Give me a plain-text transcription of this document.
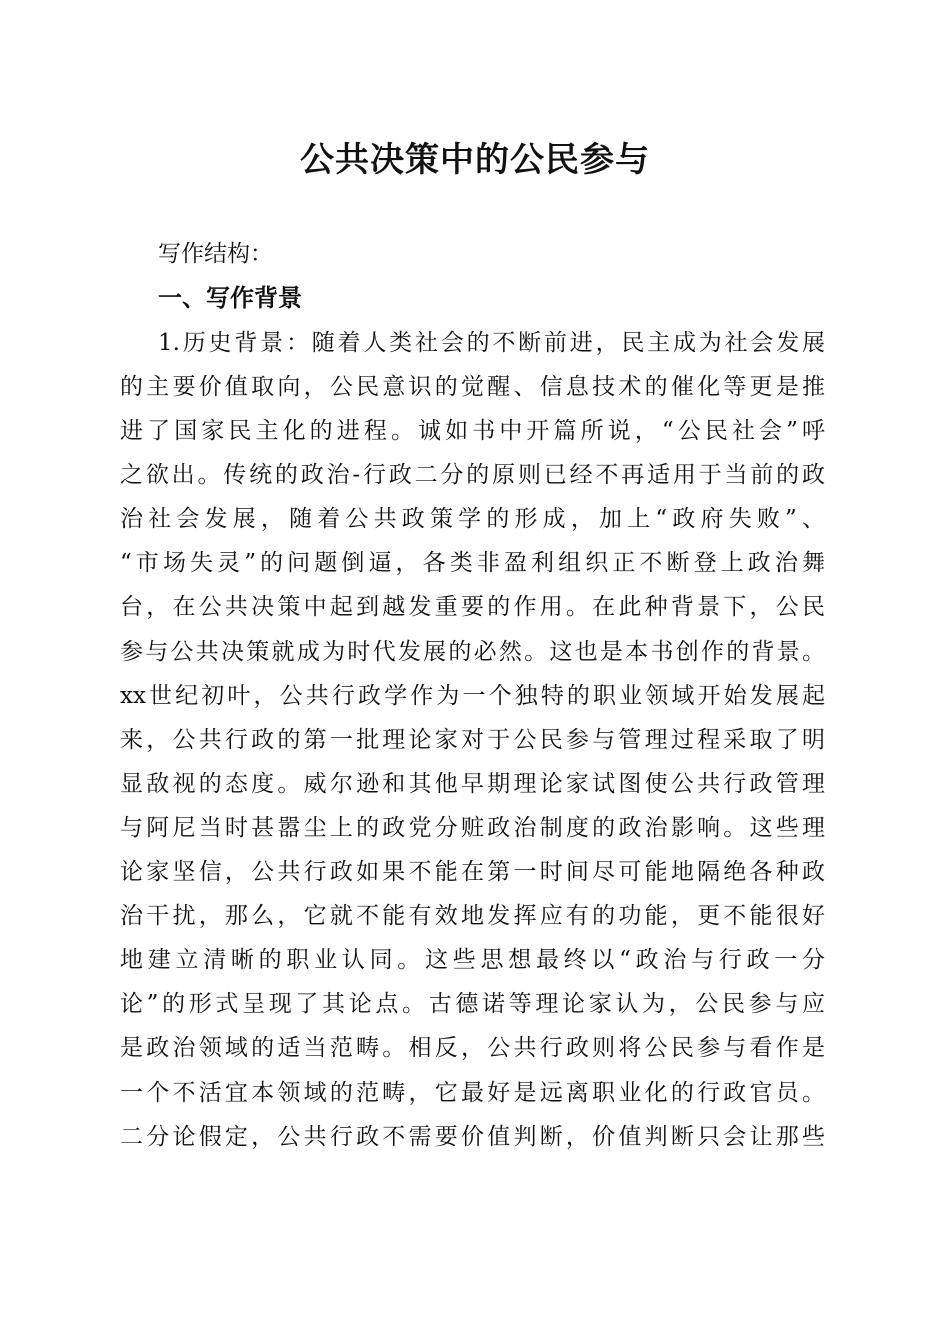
公共决策中的公民参与
写作结构：
一、写作背景
1.历史背景：随着人类社会的不断前进，民主成为社会发展
的主要价值取向，公民意识的觉醒、信息技术的催化等更是推
进了国家民主化的进程。诚如书中开篇所说，“公民社会”呼
之欲出。传统的政治-行政二分的原则已经不再适用于当前的政
治社会发展，随着公共政策学的形成，加上“政府失败”、
“市场失灵”的问题倒逼，各类非盈利组织正不断登上政治舞
台，在公共决策中起到越发重要的作用。在此种背景下，公民
参与公共决策就成为时代发展的必然。这也是本书创作的背景。
xx世纪初叶，公共行政学作为一个独特的职业领域开始发展起
来，公共行政的第一批理论家对于公民参与管理过程采取了明
显敌视的态度。威尔逊和其他早期理论家试图使公共行政管理
与阿尼当时甚嚣尘上的政党分赃政治制度的政治影响。这些理
论家坚信，公共行政如果不能在第一时间尽可能地隔绝各种政
治干扰，那么，它就不能有效地发挥应有的功能，更不能很好
地建立清晰的职业认同。这些思想最终以“政治与行政一分
论”的形式呈现了其论点。古德诺等理论家认为，公民参与应
是政治领域的适当范畴。相反，公共行政则将公民参与看作是
一个不活宜本领域的范畴，它最好是远离职业化的行政官员。
二分论假定，公共行政不需要价值判断，价值判断只会让那些
